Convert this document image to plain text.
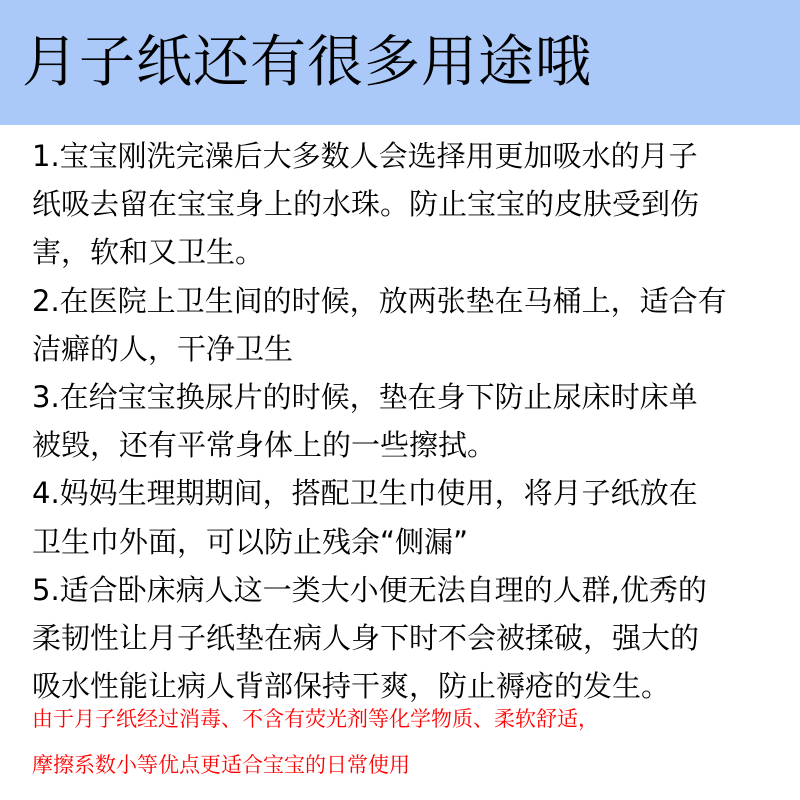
月子纸还有很多用途哦
1.宝宝刚洗完澡后大多数人会选择用更加吸水的月子
纸吸去留在宝宝身上的水珠。防止宝宝的皮肤受到伤
害，软和又卫生。
2.在医院上卫生间的时候，放两张垫在马桶上，适合有
洁癖的人，干净卫生
3.在给宝宝换尿片的时候，垫在身下防止尿床时床单
被毁，还有平常身体上的一些擦拭。
4.妈妈生理期期间，搭配卫生巾使用，将月子纸放在
卫生巾外面，可以防止残余“侧漏”
5.适合卧床病人这一类大小便无法自理的人群,优秀的
柔韧性让月子纸垫在病人身下时不会被揉破，强大的
吸水性能让病人背部保持干爽，防止褥疮的发生。
由于月子纸经过消毒、不含有荧光剂等化学物质、柔软舒适，
摩擦系数小等优点更适合宝宝的日常使用
